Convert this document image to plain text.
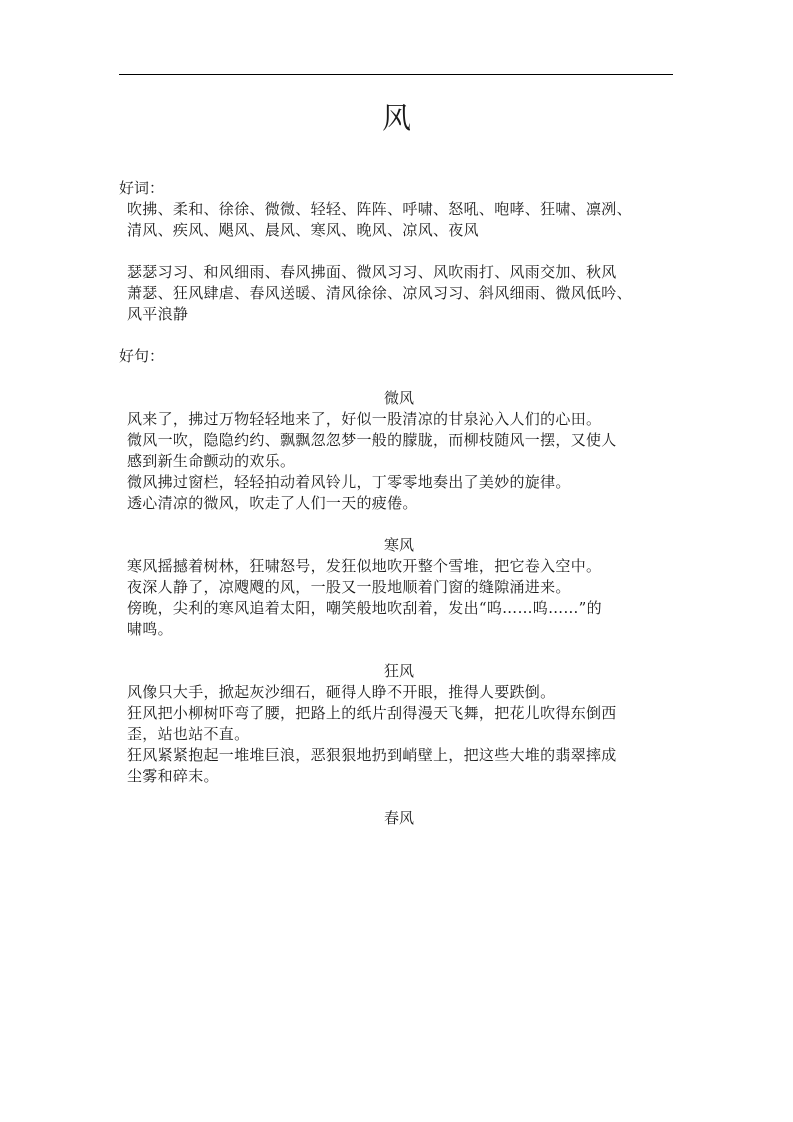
风
好词：

吹拂、柔和、徐徐、微微、轻轻、阵阵、呼啸、怒吼、咆哮、狂啸、凛冽、

清风、疾风、飓风、晨风、寒风、晚风、凉风、夜风

瑟瑟习习、和风细雨、春风拂面、微风习习、风吹雨打、风雨交加、秋风

萧瑟、狂风肆虐、春风送暖、清风徐徐、凉风习习、斜风细雨、微风低吟、

风平浪静

好句：
微风

风来了，拂过万物轻轻地来了，好似一股清凉的甘泉沁入人们的心田。

微风一吹，隐隐约约、飘飘忽忽梦一般的朦胧，而柳枝随风一摆，又使人

感到新生命颤动的欢乐。

微风拂过窗栏，轻轻拍动着风铃儿，丁零零地奏出了美妙的旋律。

透心清凉的微风，吹走了人们一天的疲倦。

寒风

寒风摇撼着树林，狂啸怒号，发狂似地吹开整个雪堆，把它卷入空中。

夜深人静了，凉飕飕的风，一股又一股地顺着门窗的缝隙涌进来。

傍晚，尖利的寒风追着太阳，嘲笑般地吹刮着，发出“呜……呜……”的

啸鸣。

狂风

风像只大手，掀起灰沙细石，砸得人睁不开眼，推得人要跌倒。

狂风把小柳树吓弯了腰，把路上的纸片刮得漫天飞舞，把花儿吹得东倒西

歪，站也站不直。

狂风紧紧抱起一堆堆巨浪，恶狠狠地扔到峭壁上，把这些大堆的翡翠摔成

尘雾和碎末。

春风
